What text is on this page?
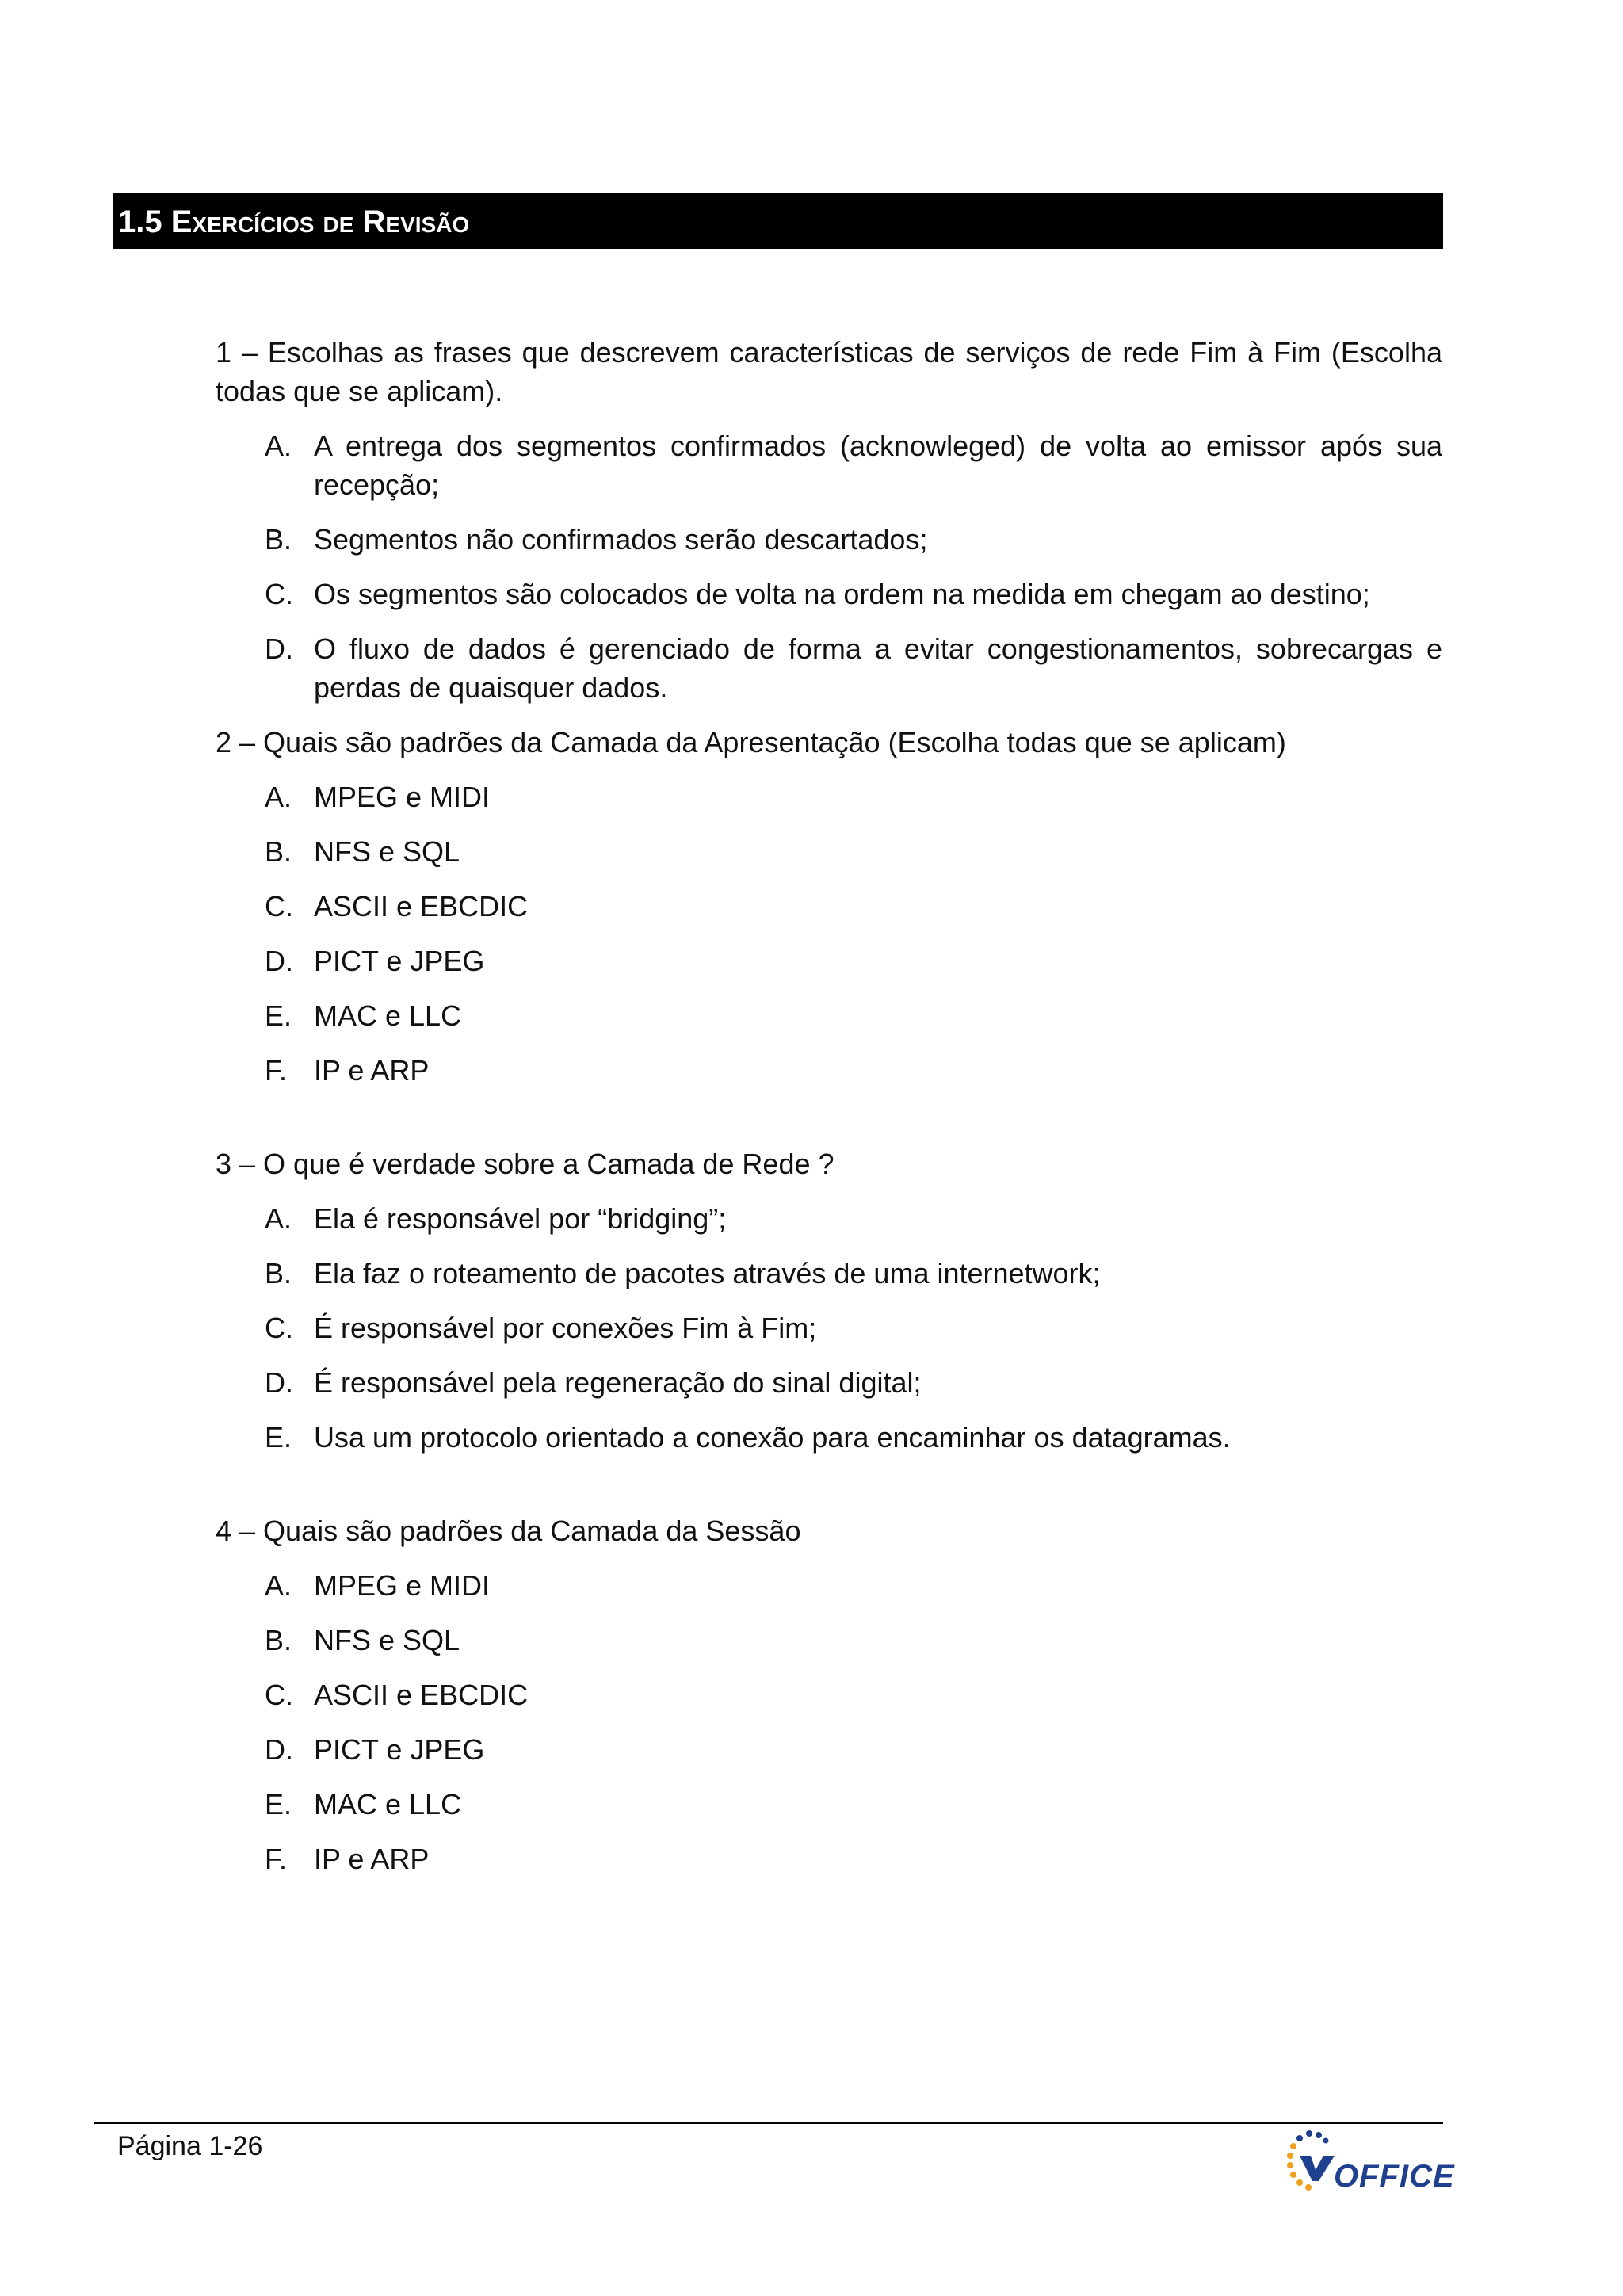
1.5 Exercícios de Revisão

1 – Escolhas as frases que descrevem características de serviços de rede Fim à Fim (Escolha todas que se aplicam).

A. A entrega dos segmentos confirmados (acknowleged) de volta ao emissor após sua recepção;
B. Segmentos não confirmados serão descartados;
C. Os segmentos são colocados de volta na ordem na medida em chegam ao destino;
D. O fluxo de dados é gerenciado de forma a evitar congestionamentos, sobrecargas e perdas de quaisquer dados.

2 – Quais são padrões da Camada da Apresentação (Escolha todas que se aplicam)

A. MPEG e MIDI
B. NFS e SQL
C. ASCII e EBCDIC
D. PICT e JPEG
E. MAC e LLC
F. IP e ARP

3 – O que é verdade sobre a Camada de Rede ?

A. Ela é responsável por “bridging”;
B. Ela faz o roteamento de pacotes através de uma internetwork;
C. É responsável por conexões Fim à Fim;
D. É responsável pela regeneração do sinal digital;
E. Usa um protocolo orientado a conexão para encaminhar os datagramas.

4 – Quais são padrões da Camada da Sessão

A. MPEG e MIDI
B. NFS e SQL
C. ASCII e EBCDIC
D. PICT e JPEG
E. MAC e LLC
F. IP e ARP
Página 1-26
OFFICE
